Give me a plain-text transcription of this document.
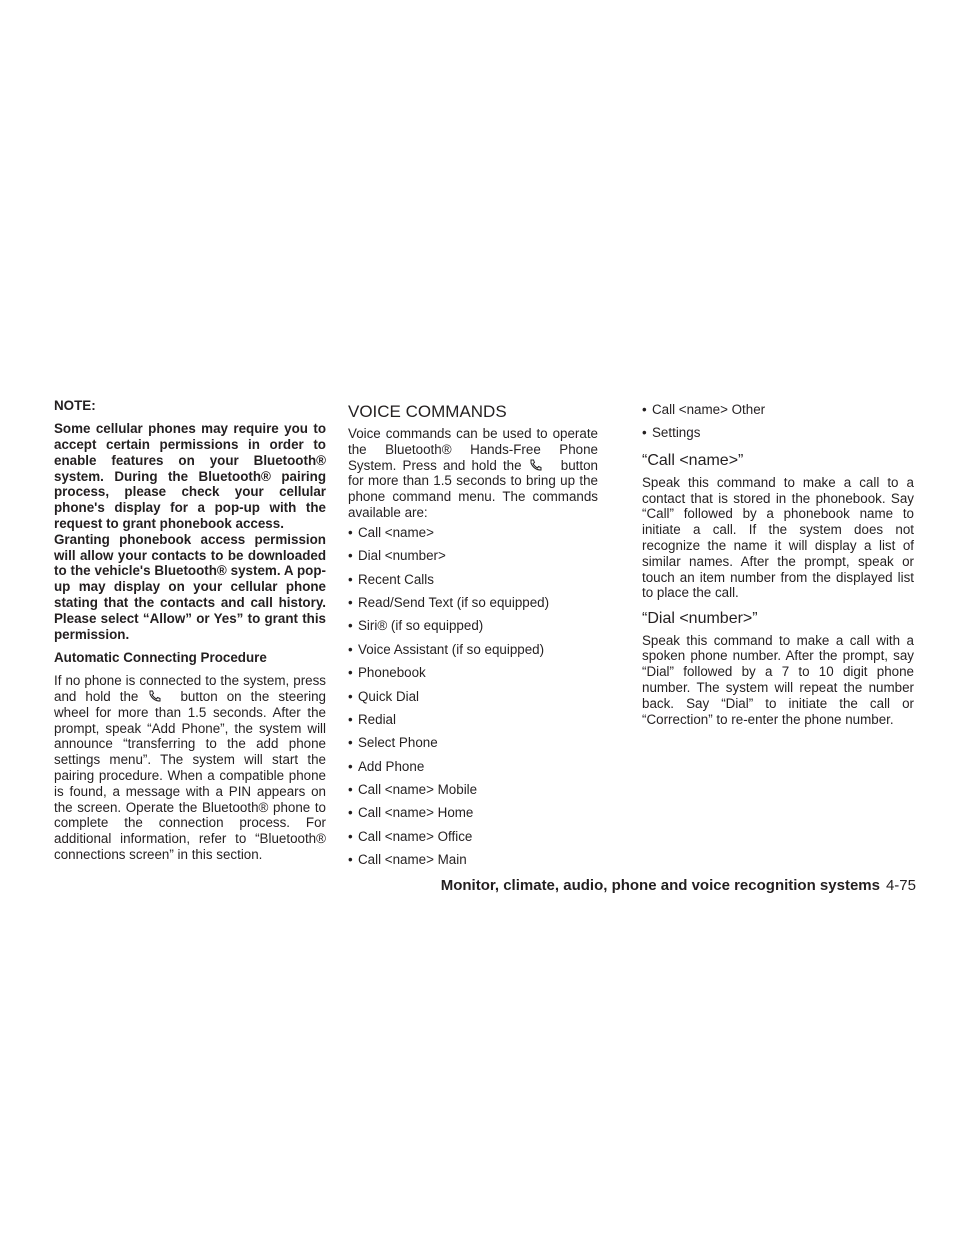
NOTE:

Some cellular phones may require you to accept certain permissions in order to enable features on your Bluetooth® system. During the Bluetooth® pairing process, please check your cellular phone's display for a pop-up with the request to grant phonebook access.

Granting phonebook access permission will allow your contacts to be downloaded to the vehicle's Bluetooth® system. A pop-up may display on your cellular phone stating that the contacts and call history. Please select “Allow” or Yes” to grant this permission.

Automatic Connecting Procedure

If no phone is connected to the system, press and hold the	button on the steering wheel for more than 1.5 seconds. After the prompt, speak “Add Phone”, the system will announce “transferring to the add phone settings menu”. The system will start the pairing procedure. When a compatible phone is found, a message with a PIN appears on the screen. Operate the Bluetooth® phone to complete the connection process. For additional information, refer to “Bluetooth® connections screen” in this section.

VOICE COMMANDS

Voice commands can be used to operate the Bluetooth® Hands-Free Phone System. Press and hold the	button for more than 1.5 seconds to bring up the phone command menu. The commands available are:

• Call <name>
• Dial <number>
• Recent Calls
• Read/Send Text (if so equipped)
• Siri® (if so equipped)
• Voice Assistant (if so equipped)
• Phonebook
• Quick Dial
• Redial
• Select Phone
• Add Phone
• Call <name> Mobile
• Call <name> Home
• Call <name> Office
• Call <name> Main
• Call <name> Other
• Settings
“Call <name>”

Speak this command to make a call to a contact that is stored in the phonebook. Say “Call” followed by a phonebook name to initiate a call. If the system does not recognize the name it will display a list of similar names. After the prompt, speak or touch an item number from the displayed list to place the call.

“Dial <number>”

Speak this command to make a call with a spoken phone number. After the prompt, say “Dial” followed by a 7 to 10 digit phone number. The system will repeat the number back. Say “Dial” to initiate the call or “Correction” to re-enter the phone number.

Monitor, climate, audio, phone and voice recognition systems 4-75
